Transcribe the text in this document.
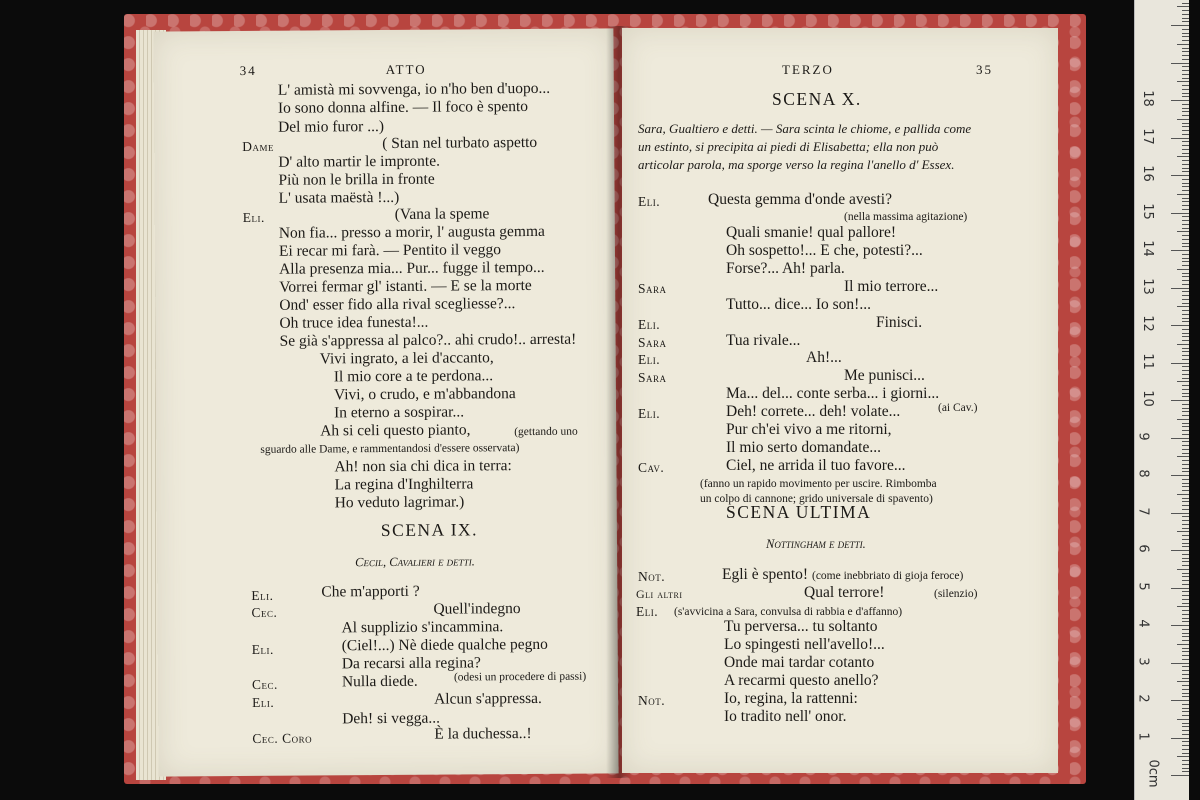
34	ATTO
L' amistà mi sovvenga, io n'ho ben d'uopo...
Io sono donna alfine. — Il foco è spento
Del mio furor ...)
Dame	( Stan nel turbato aspetto
D' alto martir le impronte.
Più non le brilla in fronte
L' usata maëstà !...)
Eli.	(Vana la speme
Non fia... presso a morir, l' augusta gemma
Ei recar mi farà. — Pentito il veggo
Alla presenza mia... Pur... fugge il tempo...
Vorrei fermar gl' istanti. — E se la morte
Ond' esser fido alla rival scegliesse?...
Oh truce idea funesta!...
Se già s'appressa al palco?.. ahi crudo!.. arresta!
Vivi ingrato, a lei d'accanto,
Il mio core a te perdona...
Vivi, o crudo, e m'abbandona
In eterno a sospirar...
Ah si celi questo pianto,	(gettando uno
sguardo alle Dame, e rammentandosi d'essere osservata)
Ah! non sia chi dica in terra:
La regina d'Inghilterra
Ho veduto lagrimar.)
SCENA IX.
Cecil, Cavalieri e detti.
Eli.	Che m'apporti ?
Cec.	Quell'indegno
Al supplizio s'incammina.
Eli.	(Ciel!...) Nè diede qualche pegno
Da recarsi alla regina?
Cec.	Nulla diede.	(odesi un procedere di passi)
Eli.	Alcun s'appressa.
Deh! si vegga...
Cec. Coro	È la duchessa..!
TERZO	35
SCENA X.
Sara, Gualtiero e detti. — Sara scinta le chiome, e pallida come un estinto, si precipita ai piedi di Elisabetta; ella non può articolar parola, ma sporge verso la regina l'anello d' Essex.
Eli.	Questa gemma d'onde avesti?
(nella massima agitazione)
Quali smanie! qual pallore!
Oh sospetto!... E che, potesti?...
Forse?... Ah! parla.
Sara	Il mio terrore...
Tutto... dice... Io son!...
Eli.	Finisci.
Sara	Tua rivale...
Eli.	Ah!...
Sara	Me punisci...
Ma... del... conte serba... i giorni...
Eli.	Deh! correte... deh! volate...	(ai Cav.)
Pur ch'ei vivo a me ritorni,
Il mio serto domandate...
Cav.	Ciel, ne arrida il tuo favore...
(fanno un rapido movimento per uscire. Rimbomba
un colpo di cannone; grido universale di spavento)
SCENA ULTIMA
Nottingham e detti.
Not.	Egli è spento! (come inebbriato di gioja feroce)
Gli altri	Qual terrore!	(silenzio)
Eli. (s'avvicina a Sara, convulsa di rabbia e d'affanno)
Tu perversa... tu soltanto
Lo spingesti nell'avello!...
Onde mai tardar cotanto
A recarmi questo anello?
Not.	Io, regina, la rattenni:
Io tradito nell' onor.
18
17
16
15
14
13
12
11
10
9
8
7
6
5
4
3
2
1
0cm
